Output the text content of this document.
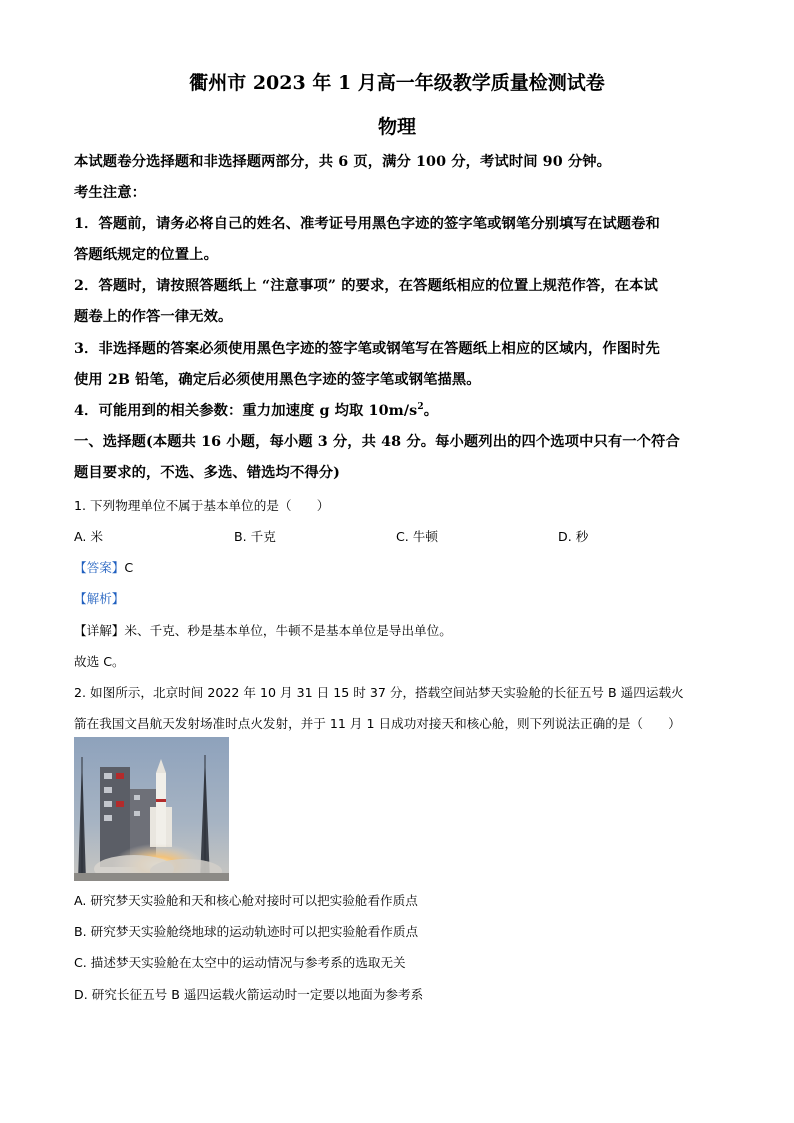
衢州市 2023 年 1 月高一年级教学质量检测试卷
物理
本试题卷分选择题和非选择题两部分，共 6 页，满分 100 分，考试时间 90 分钟。
考生注意：
1．答题前，请务必将自己的姓名、准考证号用黑色字迹的签字笔或钢笔分别填写在试题卷和
答题纸规定的位置上。
2．答题时，请按照答题纸上 “注意事项” 的要求，在答题纸相应的位置上规范作答，在本试
题卷上的作答一律无效。
3．非选择题的答案必须使用黑色字迹的签字笔或钢笔写在答题纸上相应的区域内，作图时先
使用 2B 铅笔，确定后必须使用黑色字迹的签字笔或钢笔描黑。
4．可能用到的相关参数：重力加速度 g 均取 $10m/s^2$。
一、选择题(本题共 16 小题，每小题 3 分，共 48 分。每小题列出的四个选项中只有一个符合
题目要求的，不选、多选、错选均不得分)
1. 下列物理单位不属于基本单位的是（　　）
A. 米	B. 千克	C. 牛顿	D. 秒
【答案】C
【解析】
【详解】米、千克、秒是基本单位，牛顿不是基本单位是导出单位。
故选 C。
2. 如图所示，北京时间 2022 年 10 月 31 日 15 时 37 分，搭载空间站梦天实验舱的长征五号 B 遥四运载火
箭在我国文昌航天发射场准时点火发射，并于 11 月 1 日成功对接天和核心舱，则下列说法正确的是（　　）
A. 研究梦天实验舱和天和核心舱对接时可以把实验舱看作质点
B. 研究梦天实验舱绕地球的运动轨迹时可以把实验舱看作质点
C. 描述梦天实验舱在太空中的运动情况与参考系的选取无关
D. 研究长征五号 B 遥四运载火箭运动时一定要以地面为参考系
